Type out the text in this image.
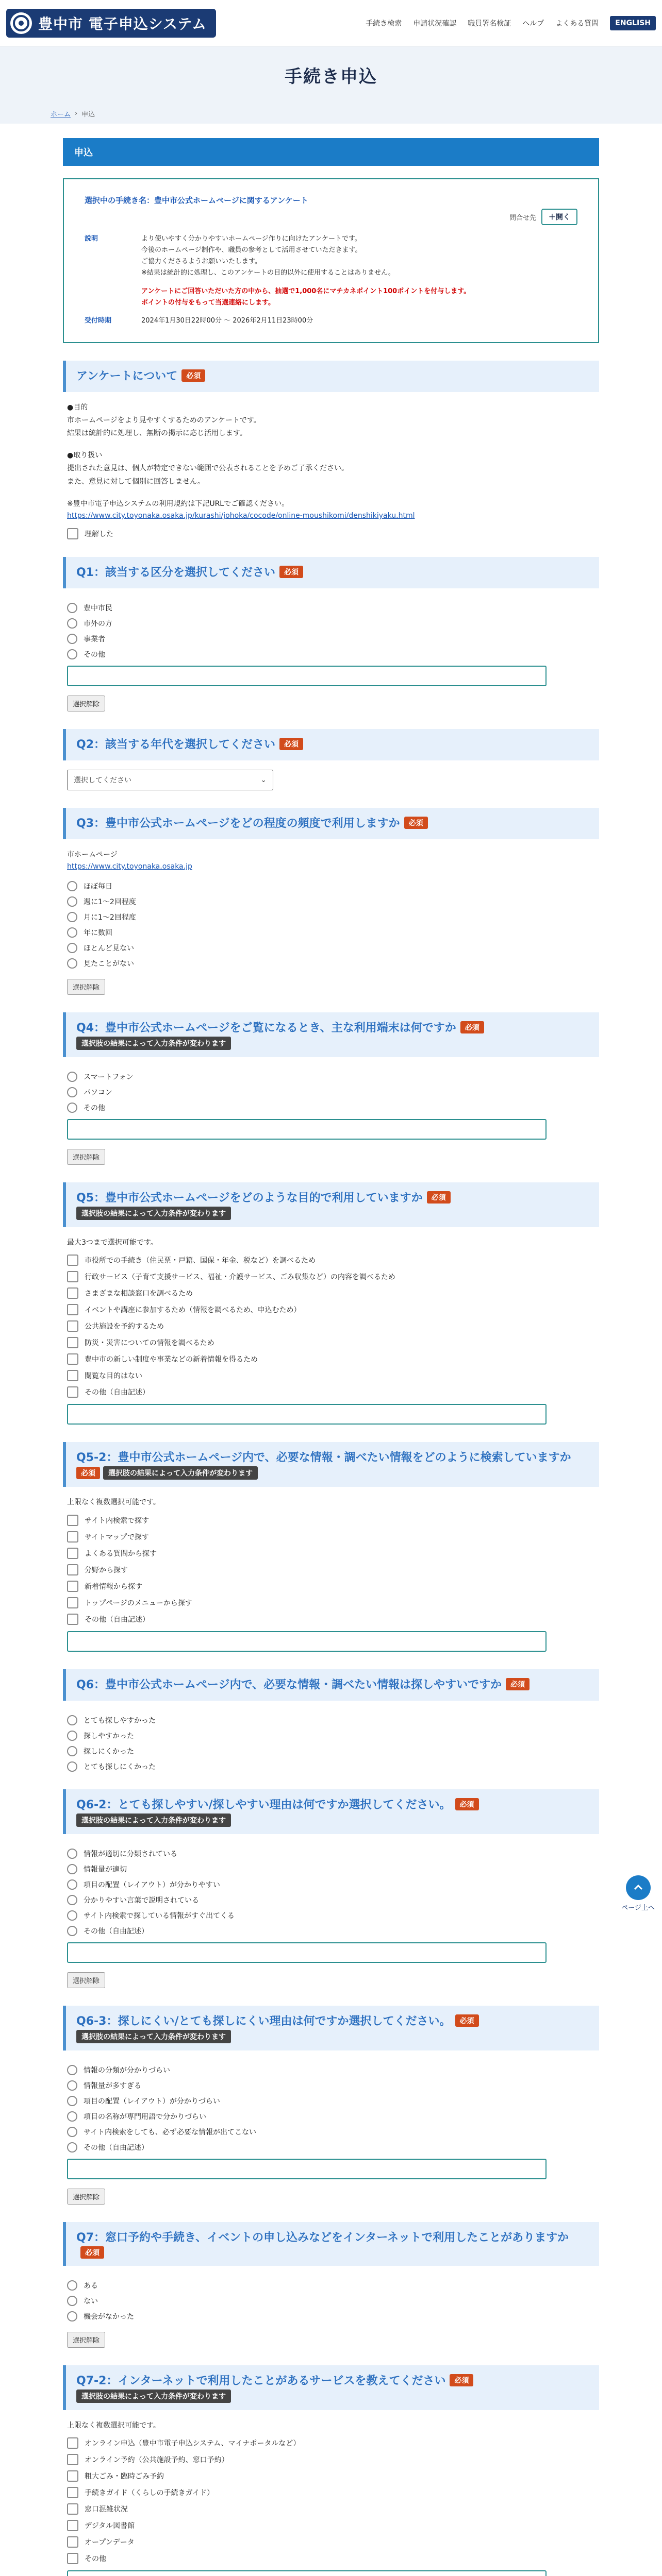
豊中市 電子申込システム	手続き検索 申請状況確認 職員署名検証 ヘルプ よくある質問	ENGLISH
手続き申込
ホーム › 申込
申込
選択中の手続き名：豊中市公式ホームページに関するアンケート
問合せ先	＋開く
説明	より使いやすく分かりやすいホームページ作りに向けたアンケートです。
今後のホームページ制作や、職員の参考として活用させていただきます。
ご協力くださるようお願いいたします。
※結果は統計的に処理し、このアンケートの目的以外に使用することはありません。
アンケートにご回答いただいた方の中から、抽選で1,000名にマチカネポイント100ポイントを付与します。
ポイントの付与をもって当選連絡にします。
受付時期	2024年1月30日22時00分 〜 2026年2月11日23時00分
アンケートについて 必須
●目的
市ホームページをより見やすくするためのアンケートです。
結果は統計的に処理し、無断の掲示に応じ活用します。
●取り扱い
提出された意見は、個人が特定できない範囲で公表されることを予めご了承ください。
また、意見に対して個別に回答しません。
※豊中市電子申込システムの利用規約は下記URLでご確認ください。
https://www.city.toyonaka.osaka.jp/kurashi/johoka/cocode/online-moushikomi/denshikiyaku.html
理解した
Q1：該当する区分を選択してください 必須
豊中市民
市外の方
事業者
その他
選択解除
Q2：該当する年代を選択してください 必須
選択してください	⌄
Q3：豊中市公式ホームページをどの程度の頻度で利用しますか 必須
市ホームページ
https://www.city.toyonaka.osaka.jp
ほぼ毎日
週に1〜2回程度
月に1〜2回程度
年に数回
ほとんど見ない
見たことがない
選択解除
Q4：豊中市公式ホームページをご覧になるとき、主な利用端末は何ですか 必須
選択肢の結果によって入力条件が変わります
スマートフォン
パソコン
その他
選択解除
Q5：豊中市公式ホームページをどのような目的で利用していますか 必須
選択肢の結果によって入力条件が変わります
最大3つまで選択可能です。
市役所での手続き（住民票・戸籍、国保・年金、税など）を調べるため
行政サービス（子育て支援サービス、福祉・介護サービス、ごみ収集など）の内容を調べるため
さまざまな相談窓口を調べるため
イベントや講座に参加するため（情報を調べるため、申込むため）
公共施設を予約するため
防災・災害についての情報を調べるため
豊中市の新しい制度や事業などの新着情報を得るため
閲覧な目的はない
その他（自由記述）
Q5-2：豊中市公式ホームページ内で、必要な情報・調べたい情報をどのように検索していますか
必須 選択肢の結果によって入力条件が変わります
上限なく複数選択可能です。
サイト内検索で探す
サイトマップで探す
よくある質問から探す
分野から探す
新着情報から探す
トップページのメニューから探す
その他（自由記述）
Q6：豊中市公式ホームページ内で、必要な情報・調べたい情報は探しやすいですか 必須
とても探しやすかった
探しやすかった
探しにくかった
とても探しにくかった
Q6-2：とても探しやすい/探しやすい理由は何ですか選択してください。 必須
選択肢の結果によって入力条件が変わります
情報が適切に分類されている
情報量が適切
項目の配置（レイアウト）が分かりやすい
分かりやすい言葉で説明されている
サイト内検索で探している情報がすぐ出てくる
その他（自由記述）
選択解除
Q6-3：探しにくい/とても探しにくい理由は何ですか選択してください。 必須
選択肢の結果によって入力条件が変わります
情報の分類が分かりづらい
情報量が多すぎる
項目の配置（レイアウト）が分かりづらい
項目の名称が専門用語で分かりづらい
サイト内検索をしても、必ず必要な情報が出てこない
その他（自由記述）
選択解除
Q7：窓口予約や手続き、イベントの申し込みなどをインターネットで利用したことがありますか必須
ある
ない
機会がなかった
選択解除
Q7-2：インターネットで利用したことがあるサービスを教えてください 必須
選択肢の結果によって入力条件が変わります
上限なく複数選択可能です。
オンライン申込（豊中市電子申込システム、マイナポータルなど）
オンライン予約（公共施設予約、窓口予約）
粗大ごみ・臨時ごみ予約
手続きガイド（くらしの手続きガイド）
窓口混雑状況
デジタル図書館
オープンデータ
その他

ページ上へ
